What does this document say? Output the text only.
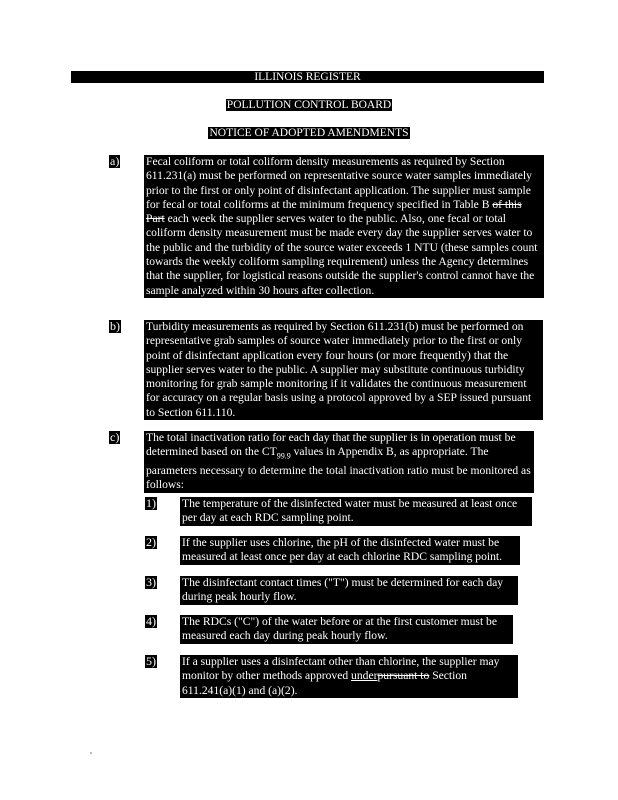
ILLINOIS REGISTER
POLLUTION CONTROL BOARD
NOTICE OF ADOPTED AMENDMENTS
a) Fecal coliform or total coliform density measurements as required by Section 611.231(a) must be performed on representative source water samples immediately prior to the first or only point of disinfectant application. The supplier must sample for fecal or total coliforms at the minimum frequency specified in Table B of this Part each week the supplier serves water to the public. Also, one fecal or total coliform density measurement must be made every day the supplier serves water to the public and the turbidity of the source water exceeds 1 NTU (these samples count towards the weekly coliform sampling requirement) unless the Agency determines that the supplier, for logistical reasons outside the supplier's control cannot have the sample analyzed within 30 hours after collection.
b) Turbidity measurements as required by Section 611.231(b) must be performed on representative grab samples of source water immediately prior to the first or only point of disinfectant application every four hours (or more frequently) that the supplier serves water to the public. A supplier may substitute continuous turbidity monitoring for grab sample monitoring if it validates the continuous measurement for accuracy on a regular basis using a protocol approved by a SEP issued pursuant to Section 611.110.
c) The total inactivation ratio for each day that the supplier is in operation must be determined based on the $CT_{99.9}$ values in Appendix B, as appropriate. The parameters necessary to determine the total inactivation ratio must be monitored as follows:
1) The temperature of the disinfected water must be measured at least once per day at each RDC sampling point.
2) If the supplier uses chlorine, the pH of the disinfected water must be measured at least once per day at each chlorine RDC sampling point.
3) The disinfectant contact times ("T") must be determined for each day during peak hourly flow.
4) The RDCs ("C") of the water before or at the first customer must be measured each day during peak hourly flow.
5) If a supplier uses a disinfectant other than chlorine, the supplier may monitor by other methods approved underpursuant to Section 611.241(a)(1) and (a)(2).
